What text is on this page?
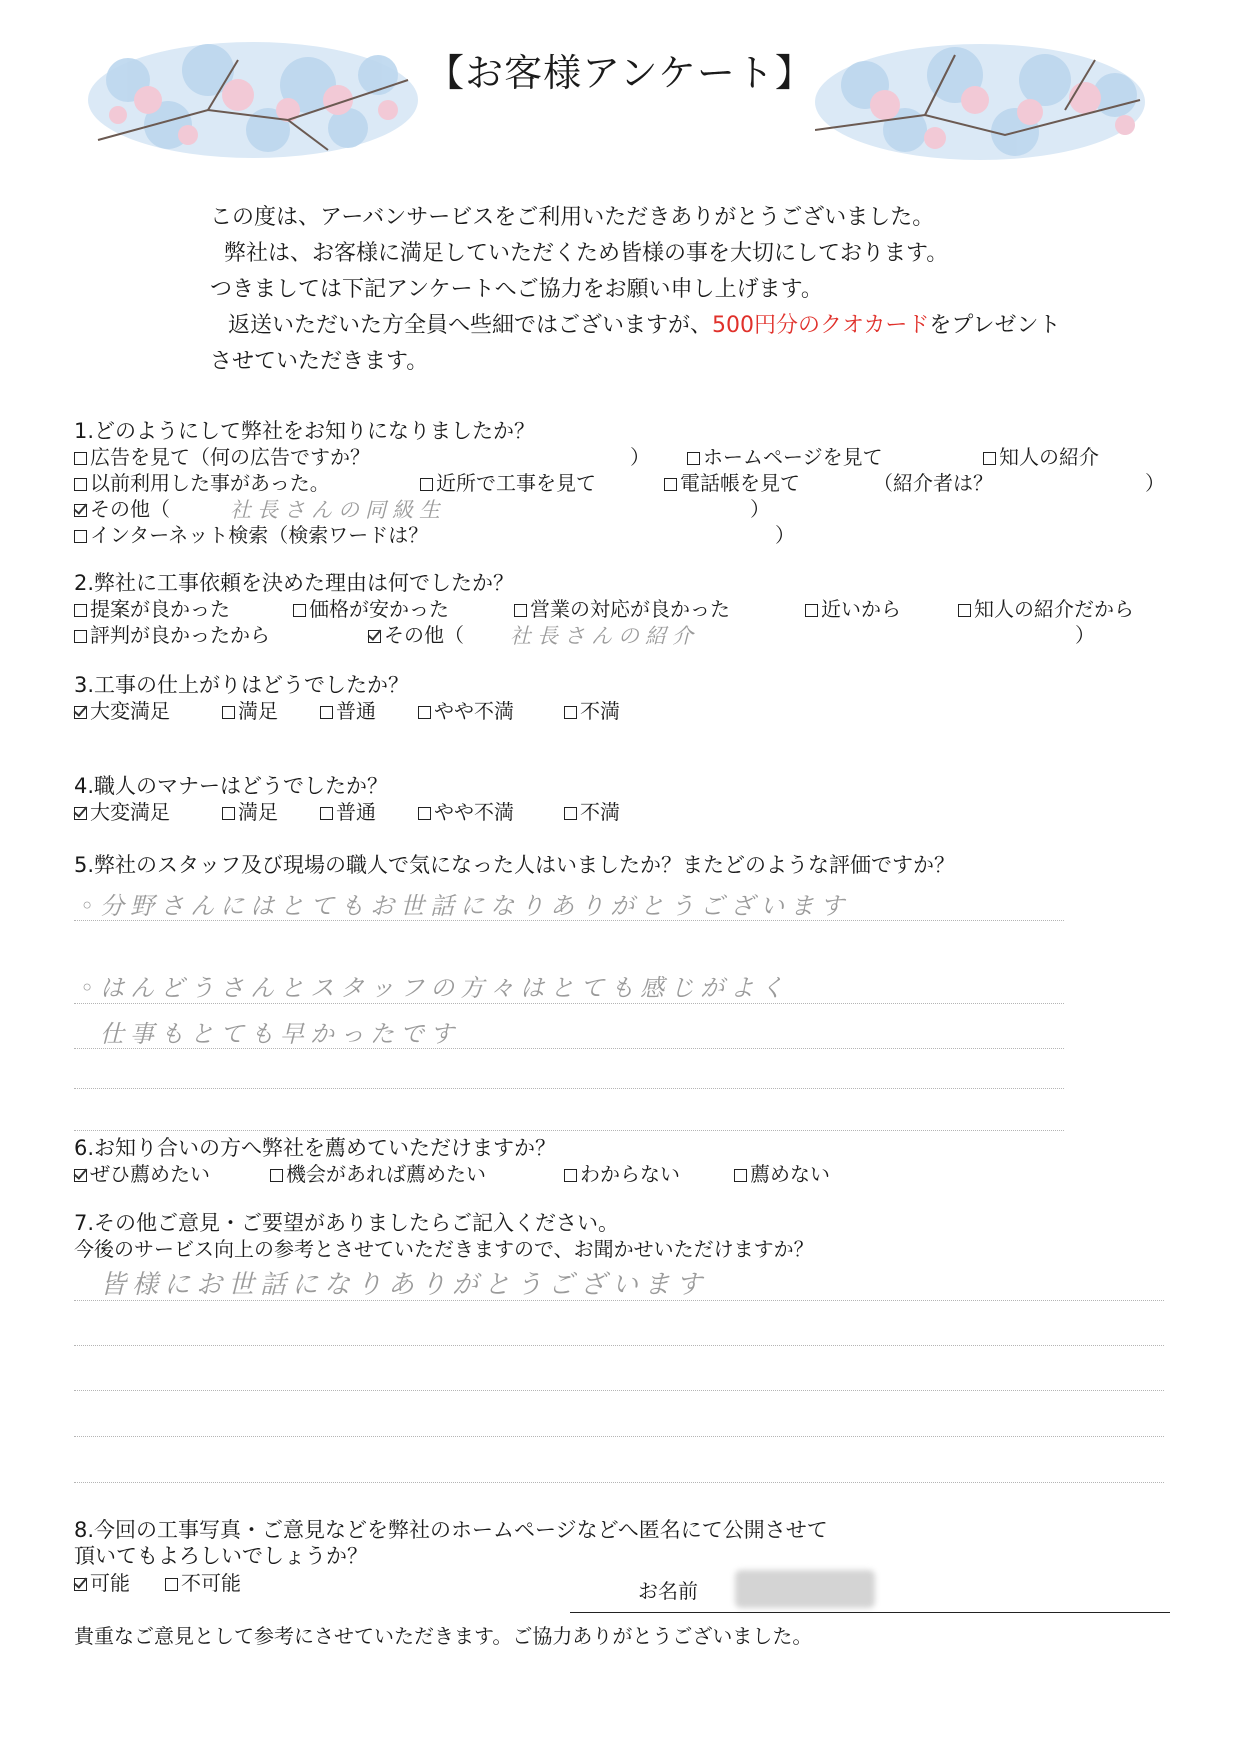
【お客様アンケート】
この度は、アーバンサービスをご利用いただきありがとうございました。
弊社は、お客様に満足していただくため皆様の事を大切にしております。
つきましては下記アンケートへご協力をお願い申し上げます。
返送いただいた方全員へ些細ではございますが、500円分のクオカードをプレゼント
させていただきます。
1.どのようにして弊社をお知りになりましたか？
広告を見て（何の広告ですか？	）	ホームページを見て	知人の紹介
以前利用した事があった。	近所で工事を見て	電話帳を見て	（紹介者は？	）
その他（	社長さんの同級生	）
インターネット検索（検索ワードは？	）
2.弊社に工事依頼を決めた理由は何でしたか？
提案が良かった	価格が安かった	営業の対応が良かった	近いから	知人の紹介だから
評判が良かったから	その他（ 社長さんの紹介	）
3.工事の仕上がりはどうでしたか？
大変満足	満足	普通	やや不満	不満
4.職人のマナーはどうでしたか？
大変満足	満足	普通	やや不満	不満
5.弊社のスタッフ及び現場の職人で気になった人はいましたか？またどのような評価ですか？
◦分野さんにはとてもお世話になりありがとうございます
◦はんどうさんとスタッフの方々はとても感じがよく
仕事もとても早かったです
6.お知り合いの方へ弊社を薦めていただけますか？
ぜひ薦めたい	機会があれば薦めたい	わからない	薦めない
7.その他ご意見・ご要望がありましたらご記入ください。
今後のサービス向上の参考とさせていただきますので、お聞かせいただけますか？
皆様にお世話になりありがとうございます
8.今回の工事写真・ご意見などを弊社のホームページなどへ匿名にて公開させて
頂いてもよろしいでしょうか？
可能	不可能	お名前
貴重なご意見として参考にさせていただきます。ご協力ありがとうございました。
